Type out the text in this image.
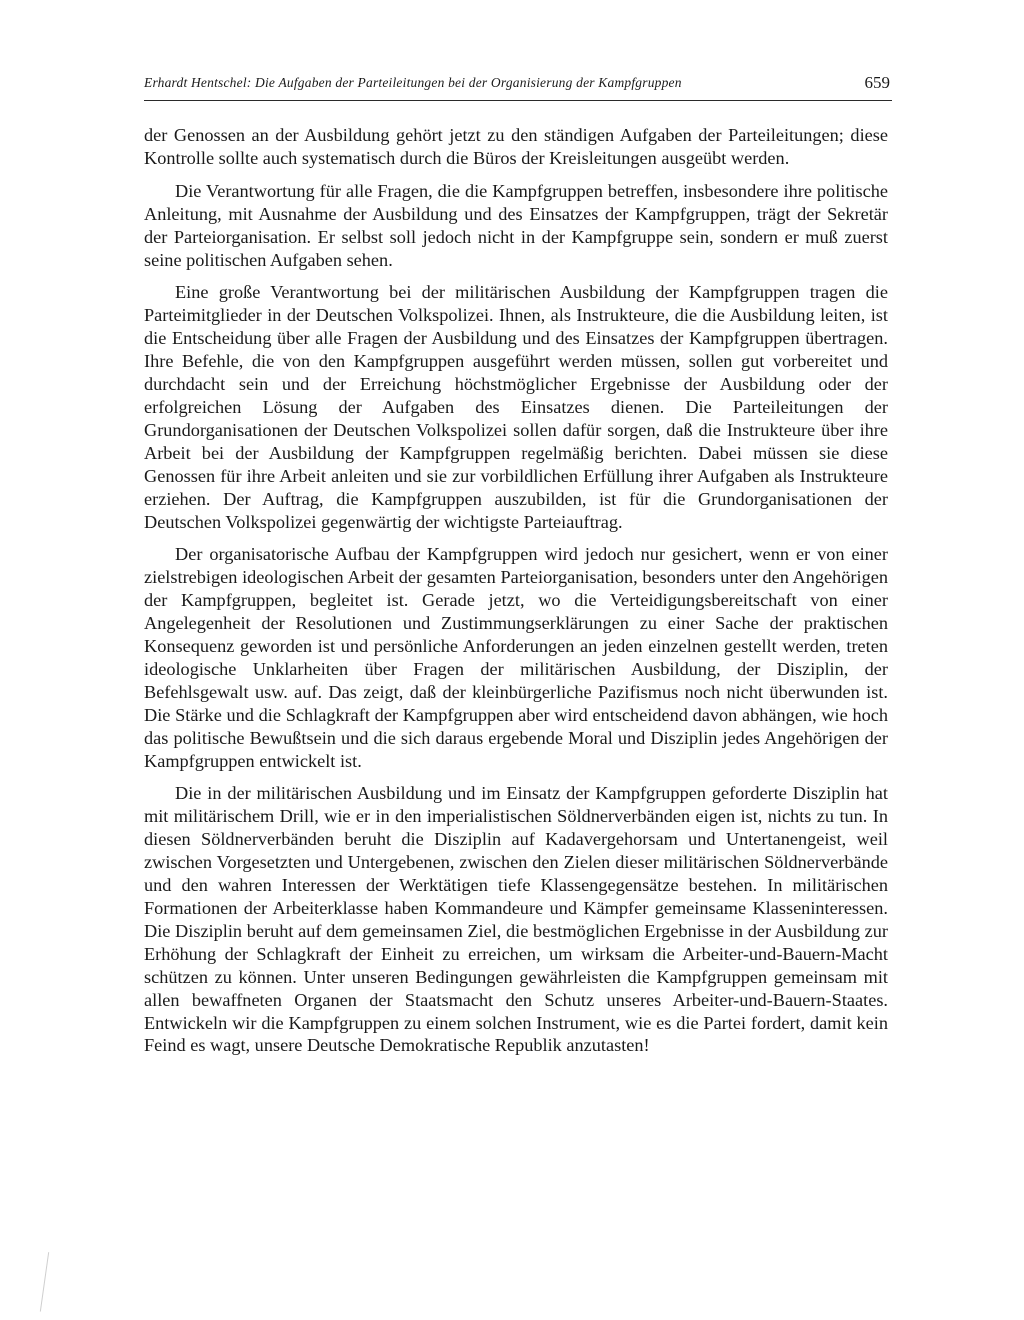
Erhardt Hentschel: Die Aufgaben der Parteileitungen bei der Organisierung der Kampfgruppen	659

der Genossen an der Ausbildung gehört jetzt zu den ständigen Aufgaben der Parteileitungen; diese Kontrolle sollte auch systematisch durch die Büros der Kreisleitungen ausgeübt werden.

Die Verantwortung für alle Fragen, die die Kampfgruppen betreffen, insbesondere ihre politische Anleitung, mit Ausnahme der Ausbildung und des Einsatzes der Kampfgruppen, trägt der Sekretär der Parteiorganisation. Er selbst soll jedoch nicht in der Kampfgruppe sein, sondern er muß zuerst seine politischen Aufgaben sehen.

Eine große Verantwortung bei der militärischen Ausbildung der Kampfgruppen tragen die Parteimitglieder in der Deutschen Volkspolizei. Ihnen, als Instrukteure, die die Ausbildung leiten, ist die Entscheidung über alle Fragen der Ausbildung und des Einsatzes der Kampfgruppen übertragen. Ihre Befehle, die von den Kampfgruppen ausgeführt werden müssen, sollen gut vorbereitet und durchdacht sein und der Erreichung höchstmöglicher Ergebnisse der Ausbildung oder der erfolgreichen Lösung der Aufgaben des Einsatzes dienen. Die Parteileitungen der Grundorganisationen der Deutschen Volkspolizei sollen dafür sorgen, daß die Instrukteure über ihre Arbeit bei der Ausbildung der Kampfgruppen regelmäßig berichten. Dabei müssen sie diese Genossen für ihre Arbeit anleiten und sie zur vorbildlichen Erfüllung ihrer Aufgaben als Instrukteure erziehen. Der Auftrag, die Kampfgruppen auszubilden, ist für die Grundorganisationen der Deutschen Volkspolizei gegenwärtig der wichtigste Parteiauftrag.

Der organisatorische Aufbau der Kampfgruppen wird jedoch nur gesichert, wenn er von einer zielstrebigen ideologischen Arbeit der gesamten Parteiorganisation, besonders unter den Angehörigen der Kampfgruppen, begleitet ist. Gerade jetzt, wo die Verteidigungsbereitschaft von einer Angelegenheit der Resolutionen und Zustimmungserklärungen zu einer Sache der praktischen Konsequenz geworden ist und persönliche Anforderungen an jeden einzelnen gestellt werden, treten ideologische Unklarheiten über Fragen der militärischen Ausbildung, der Disziplin, der Befehlsgewalt usw. auf. Das zeigt, daß der kleinbürgerliche Pazifismus noch nicht überwunden ist. Die Stärke und die Schlagkraft der Kampfgruppen aber wird entscheidend davon abhängen, wie hoch das politische Bewußtsein und die sich daraus ergebende Moral und Disziplin jedes Angehörigen der Kampfgruppen entwickelt ist.

Die in der militärischen Ausbildung und im Einsatz der Kampfgruppen geforderte Disziplin hat mit militärischem Drill, wie er in den imperialistischen Söldnerverbänden eigen ist, nichts zu tun. In diesen Söldnerverbänden beruht die Disziplin auf Kadavergehorsam und Untertanengeist, weil zwischen Vorgesetzten und Untergebenen, zwischen den Zielen dieser militärischen Söldnerverbände und den wahren Interessen der Werktätigen tiefe Klassengegensätze bestehen. In militärischen Formationen der Arbeiterklasse haben Kommandeure und Kämpfer gemeinsame Klasseninteressen. Die Disziplin beruht auf dem gemeinsamen Ziel, die bestmöglichen Ergebnisse in der Ausbildung zur Erhöhung der Schlagkraft der Einheit zu erreichen, um wirksam die Arbeiter-und-Bauern-Macht schützen zu können. Unter unseren Bedingungen gewährleisten die Kampfgruppen gemeinsam mit allen bewaffneten Organen der Staatsmacht den Schutz unseres Arbeiter-und-Bauern-Staates. Entwickeln wir die Kampfgruppen zu einem solchen Instrument, wie es die Partei fordert, damit kein Feind es wagt, unsere Deutsche Demokratische Republik anzutasten!
